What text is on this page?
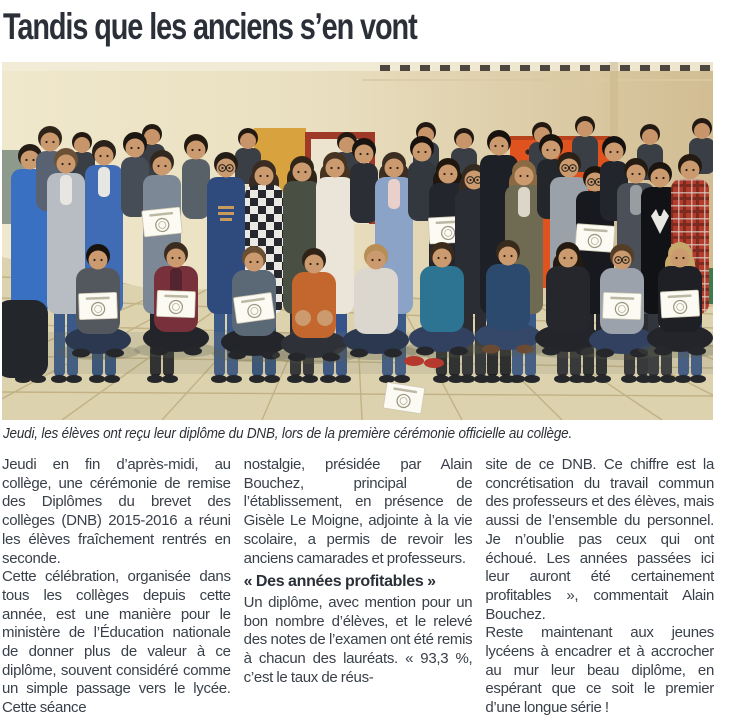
Tandis que les anciens s’en vont

Jeudi, les élèves ont reçu leur diplôme du DNB, lors de la première cérémonie officielle au collège.

Jeudi en fin d’après-midi, au collège, une cérémonie de remise des Diplômes du brevet des collèges (DNB) 2015-2016 a réuni les élèves fraîchement rentrés en seconde.

Cette célébration, organisée dans tous les collèges depuis cette année, est une manière pour le ministère de l’Éducation nationale de donner plus de valeur à ce diplôme, souvent considéré comme un simple passage vers le lycée. Cette séance

nostalgie, présidée par Alain Bouchez, principal de l’établissement, en présence de Gisèle Le Moigne, adjointe à la vie scolaire, a permis de revoir les anciens camarades et professeurs.

« Des années profitables »

Un diplôme, avec mention pour un bon nombre d’élèves, et le relevé des notes de l’examen ont été remis à chacun des lauréats. « 93,3 %, c’est le taux de réus-

site de ce DNB. Ce chiffre est la concrétisation du travail commun des professeurs et des élèves, mais aussi de l’ensemble du personnel. Je n’oublie pas ceux qui ont échoué. Les années passées ici leur auront été certainement profitables », commentait Alain Bouchez.

Reste maintenant aux jeunes lycéens à encadrer et à accrocher au mur leur beau diplôme, en espérant que ce soit le premier d’une longue série !
